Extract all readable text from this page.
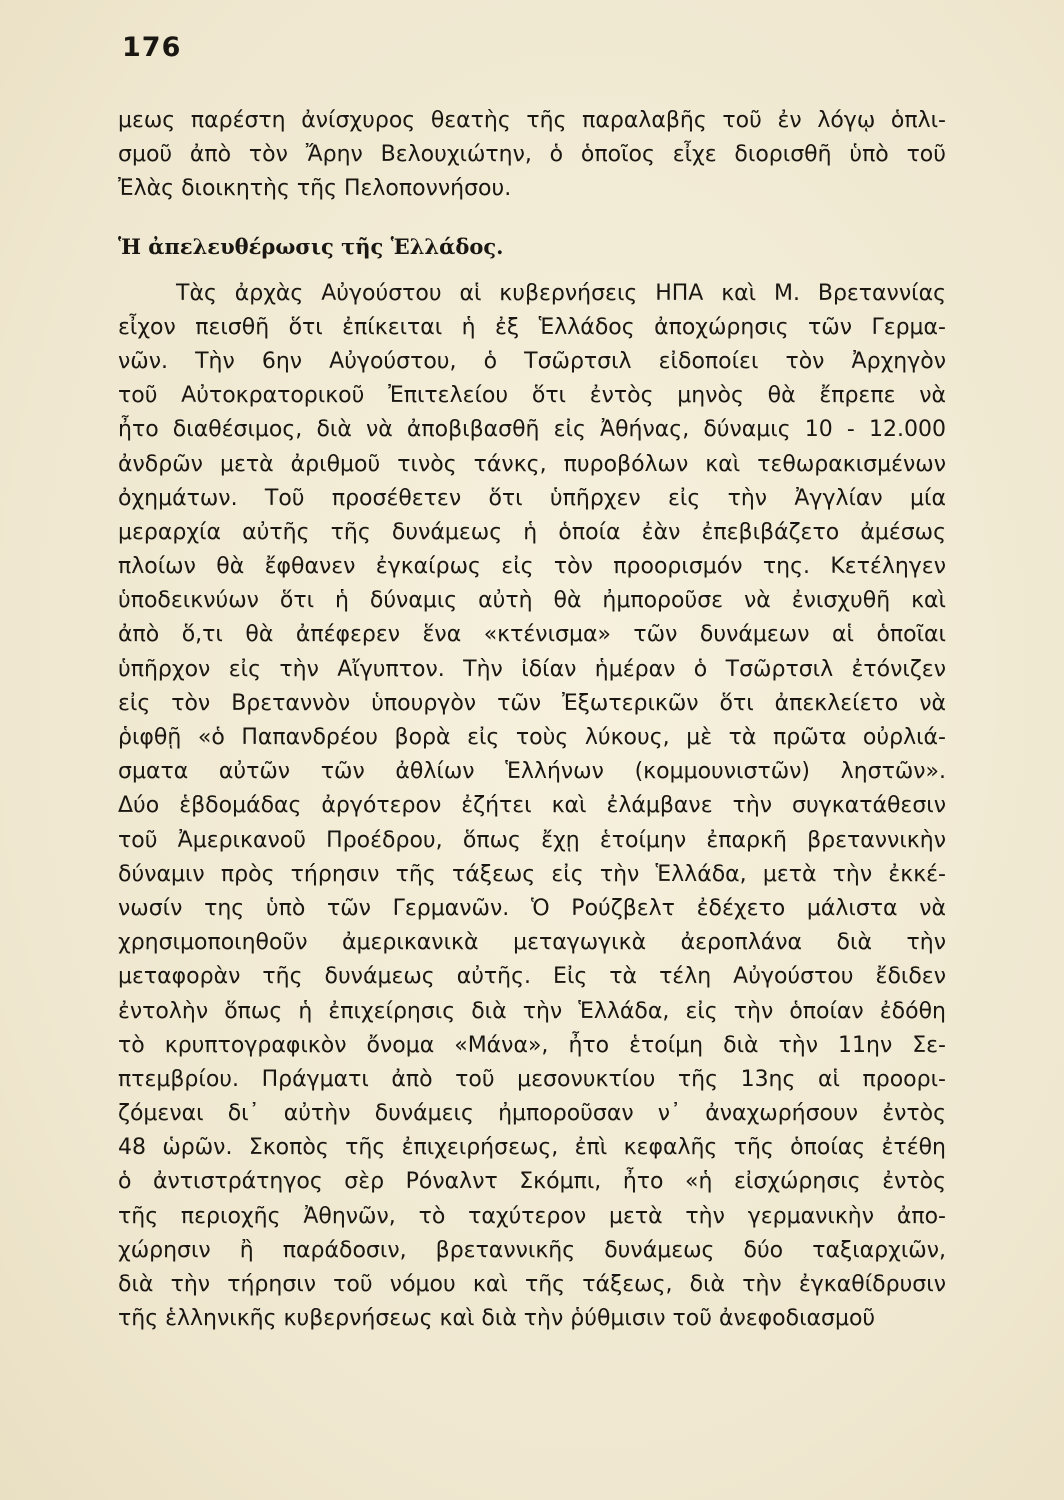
176
μεως παρέστη ἀνίσχυρος θεατὴς τῆς παραλαβῆς τοῦ ἐν λόγῳ ὁπλι-
σμοῦ ἀπὸ τὸν Ἄρην Βελουχιώτην, ὁ ὁποῖος εἶχε διορισθῆ ὑπὸ τοῦ
Ἐλὰς διοικητὴς τῆς Πελοποννήσου.
Ἡ ἀπελευθέρωσις τῆς Ἑλλάδος.
Τὰς ἀρχὰς Αὐγούστου αἱ κυβερνήσεις ΗΠΑ καὶ Μ. Βρεταννίας
εἶχον πεισθῆ ὅτι ἐπίκειται ἡ ἐξ Ἑλλάδος ἀποχώρησις τῶν Γερμα-
νῶν. Τὴν 6ην Αὐγούστου, ὁ Τσῶρτσιλ εἰδοποίει τὸν Ἀρχηγὸν
τοῦ Αὐτοκρατορικοῦ Ἐπιτελείου ὅτι ἐντὸς μηνὸς θὰ ἔπρεπε νὰ
ἦτο διαθέσιμος, διὰ νὰ ἀποβιβασθῆ εἰς Ἀθήνας, δύναμις 10 - 12.000
ἀνδρῶν μετὰ ἀριθμοῦ τινὸς τάνκς, πυροβόλων καὶ τεθωρακισμένων
ὀχημάτων. Τοῦ προσέθετεν ὅτι ὑπῆρχεν εἰς τὴν Ἀγγλίαν μία
μεραρχία αὐτῆς τῆς δυνάμεως ἡ ὁποία ἐὰν ἐπεβιβάζετο ἀμέσως
πλοίων θὰ ἔφθανεν ἐγκαίρως εἰς τὸν προορισμόν της. Κετέληγεν
ὑποδεικνύων ὅτι ἡ δύναμις αὐτὴ θὰ ἠμποροῦσε νὰ ἐνισχυθῆ καὶ
ἀπὸ ὅ,τι θὰ ἀπέφερεν ἕνα «κτένισμα» τῶν δυνάμεων αἱ ὁποῖαι
ὑπῆρχον εἰς τὴν Αἴγυπτον. Τὴν ἰδίαν ἡμέραν ὁ Τσῶρτσιλ ἐτόνιζεν
εἰς τὸν Βρεταννὸν ὑπουργὸν τῶν Ἐξωτερικῶν ὅτι ἀπεκλείετο νὰ
ῥιφθῇ «ὁ Παπανδρέου βορὰ εἰς τοὺς λύκους, μὲ τὰ πρῶτα οὐρλιά-
σματα αὐτῶν τῶν ἀθλίων Ἑλλήνων (κομμουνιστῶν) ληστῶν».
Δύο ἑβδομάδας ἀργότερον ἐζήτει καὶ ἐλάμβανε τὴν συγκατάθεσιν
τοῦ Ἀμερικανοῦ Προέδρου, ὅπως ἔχῃ ἑτοίμην ἐπαρκῆ βρεταννικὴν
δύναμιν πρὸς τήρησιν τῆς τάξεως εἰς τὴν Ἑλλάδα, μετὰ τὴν ἐκκέ-
νωσίν της ὑπὸ τῶν Γερμανῶν. Ὁ Ρούζβελτ ἐδέχετο μάλιστα νὰ
χρησιμοποιηθοῦν ἀμερικανικὰ μεταγωγικὰ ἀεροπλάνα διὰ τὴν
μεταφορὰν τῆς δυνάμεως αὐτῆς. Εἰς τὰ τέλη Αὐγούστου ἔδιδεν
ἐντολὴν ὅπως ἡ ἐπιχείρησις διὰ τὴν Ἑλλάδα, εἰς τὴν ὁποίαν ἐδόθη
τὸ κρυπτογραφικὸν ὄνομα «Μάνα», ἦτο ἑτοίμη διὰ τὴν 11ην Σε-
πτεμβρίου. Πράγματι ἀπὸ τοῦ μεσονυκτίου τῆς 13ης αἱ προορι-
ζόμεναι δι᾽ αὐτὴν δυνάμεις ἠμποροῦσαν ν᾽ ἀναχωρήσουν ἐντὸς
48 ὡρῶν. Σκοπὸς τῆς ἐπιχειρήσεως, ἐπὶ κεφαλῆς τῆς ὁποίας ἐτέθη
ὁ ἀντιστράτηγος σὲρ Ρόναλντ Σκόμπι, ἦτο «ἡ εἰσχώρησις ἐντὸς
τῆς περιοχῆς Ἀθηνῶν, τὸ ταχύτερον μετὰ τὴν γερμανικὴν ἀπο-
χώρησιν ἢ παράδοσιν, βρεταννικῆς δυνάμεως δύο ταξιαρχιῶν,
διὰ τὴν τήρησιν τοῦ νόμου καὶ τῆς τάξεως, διὰ τὴν ἐγκαθίδρυσιν
τῆς ἑλληνικῆς κυβερνήσεως καὶ διὰ τὴν ῥύθμισιν τοῦ ἀνεφοδιασμοῦ
